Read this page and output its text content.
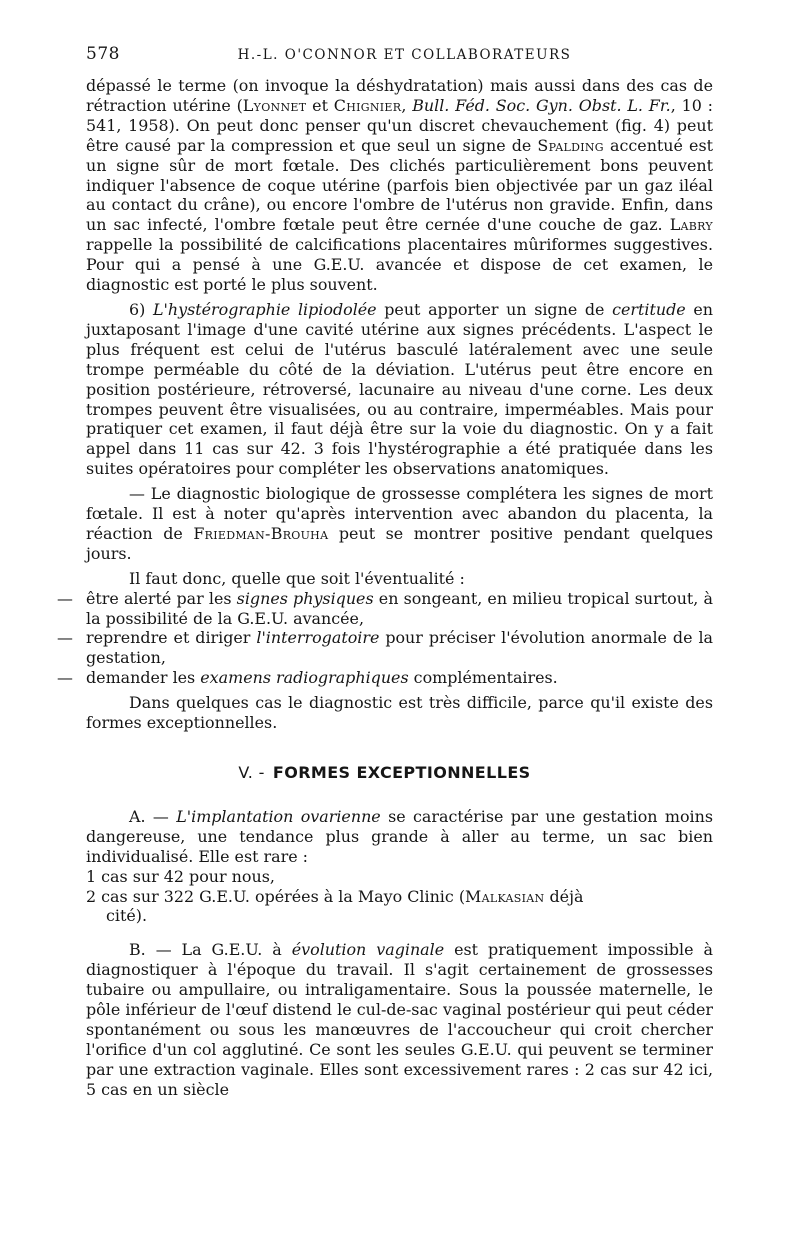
578	H.-L. O'CONNOR ET COLLABORATEURS

dépassé le terme (on invoque la déshydratation) mais aussi dans des cas de rétraction utérine (Lyonnet et Chignier, Bull. Féd. Soc. Gyn. Obst. L. Fr., 10 : 541, 1958). On peut donc penser qu'un discret chevauchement (fig. 4) peut être causé par la compression et que seul un signe de Spalding accentué est un signe sûr de mort fœtale. Des clichés particulièrement bons peuvent indiquer l'absence de coque utérine (parfois bien objectivée par un gaz iléal au contact du crâne), ou encore l'ombre de l'utérus non gravide. Enfin, dans un sac infecté, l'ombre fœtale peut être cernée d'une couche de gaz. Labry rappelle la possibilité de calcifications placentaires mûriformes suggestives. Pour qui a pensé à une G.E.U. avancée et dispose de cet examen, le diagnostic est porté le plus souvent.

6) L'hystérographie lipiodolée peut apporter un signe de certitude en juxtaposant l'image d'une cavité utérine aux signes précédents. L'aspect le plus fréquent est celui de l'utérus basculé latéralement avec une seule trompe perméable du côté de la déviation. L'utérus peut être encore en position postérieure, rétroversé, lacunaire au niveau d'une corne. Les deux trompes peuvent être visualisées, ou au contraire, imperméables. Mais pour pratiquer cet examen, il faut déjà être sur la voie du diagnostic. On y a fait appel dans 11 cas sur 42. 3 fois l'hystérographie a été pratiquée dans les suites opératoires pour compléter les observations anatomiques.

— Le diagnostic biologique de grossesse complétera les signes de mort fœtale. Il est à noter qu'après intervention avec abandon du placenta, la réaction de Friedman-Brouha peut se montrer positive pendant quelques jours.

Il faut donc, quelle que soit l'éventualité :

— être alerté par les signes physiques en songeant, en milieu tropical surtout, à la possibilité de la G.E.U. avancée,

— reprendre et diriger l'interrogatoire pour préciser l'évolution anormale de la gestation,

— demander les examens radiographiques complémentaires.

Dans quelques cas le diagnostic est très difficile, parce qu'il existe des formes exceptionnelles.

V. - FORMES EXCEPTIONNELLES

A. — L'implantation ovarienne se caractérise par une gestation moins dangereuse, une tendance plus grande à aller au terme, un sac bien individualisé. Elle est rare :

1 cas sur 42 pour nous,

2 cas sur 322 G.E.U. opérées à la Mayo Clinic (Malkasian déjà
cité).

B. — La G.E.U. à évolution vaginale est pratiquement impossible à diagnostiquer à l'époque du travail. Il s'agit certainement de grossesses tubaire ou ampullaire, ou intraligamentaire. Sous la poussée maternelle, le pôle inférieur de l'œuf distend le cul-de-sac vaginal postérieur qui peut céder spontanément ou sous les manœuvres de l'accoucheur qui croit chercher l'orifice d'un col agglutiné. Ce sont les seules G.E.U. qui peuvent se terminer par une extraction vaginale. Elles sont excessivement rares : 2 cas sur 42 ici, 5 cas en un siècle
